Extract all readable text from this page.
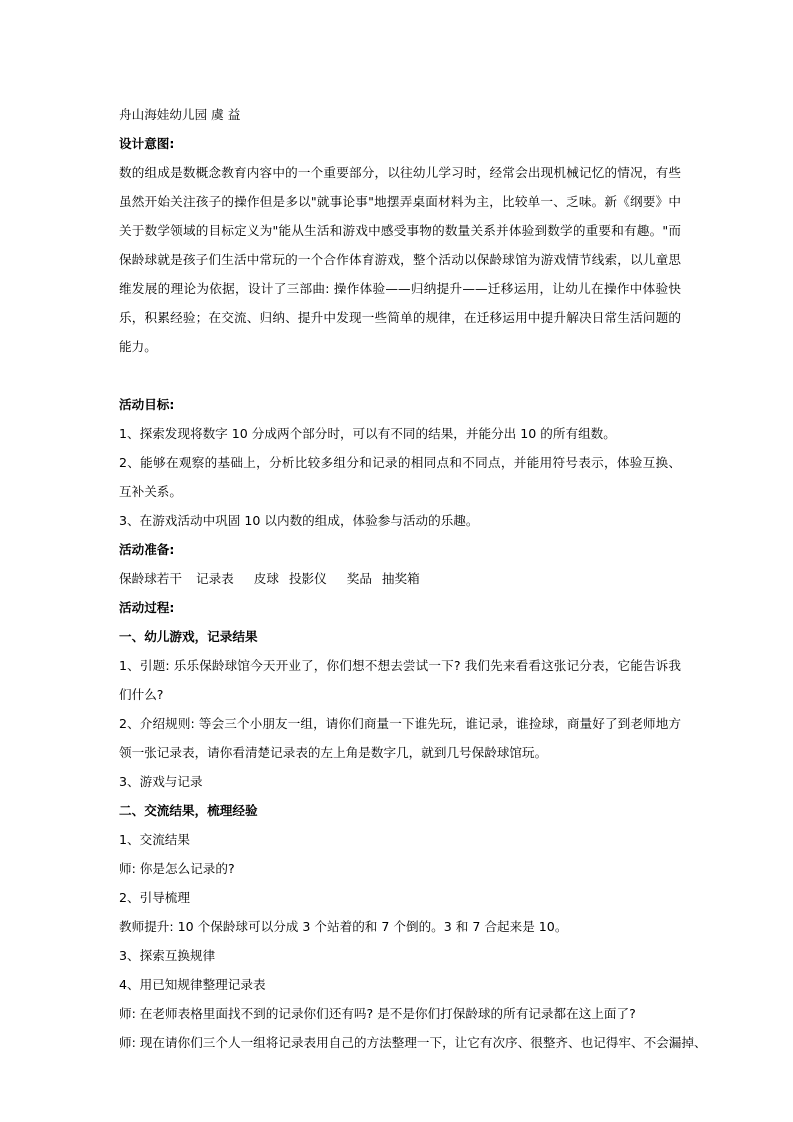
舟山海娃幼儿园 虞 益

设计意图:

数的组成是数概念教育内容中的一个重要部分，以往幼儿学习时，经常会出现机械记忆的情况，有些虽然开始关注孩子的操作但是多以"就事论事"地摆弄桌面材料为主，比较单一、乏味。新《纲要》中关于数学领域的目标定义为"能从生活和游戏中感受事物的数量关系并体验到数学的重要和有趣。"而保龄球就是孩子们生活中常玩的一个合作体育游戏，整个活动以保龄球馆为游戏情节线索，以儿童思维发展的理论为依据，设计了三部曲: 操作体验——归纳提升——迁移运用，让幼儿在操作中体验快乐，积累经验；在交流、归纳、提升中发现一些简单的规律，在迁移运用中提升解决日常生活问题的能力。

活动目标:

1、探索发现将数字 10 分成两个部分时，可以有不同的结果，并能分出 10 的所有组数。

2、能够在观察的基础上，分析比较多组分和记录的相同点和不同点，并能用符号表示，体验互换、互补关系。

3、在游戏活动中巩固 10 以内数的组成，体验参与活动的乐趣。

活动准备:

保龄球若干 记录表 皮球 投影仪 奖品 抽奖箱

活动过程:

一、幼儿游戏，记录结果

1、引题: 乐乐保龄球馆今天开业了，你们想不想去尝试一下? 我们先来看看这张记分表，它能告诉我们什么?

2、介绍规则: 等会三个小朋友一组，请你们商量一下谁先玩，谁记录，谁捡球，商量好了到老师地方领一张记录表，请你看清楚记录表的左上角是数字几，就到几号保龄球馆玩。

3、游戏与记录

二、交流结果，梳理经验

1、交流结果

师: 你是怎么记录的?

2、引导梳理

教师提升: 10 个保龄球可以分成 3 个站着的和 7 个倒的。3 和 7 合起来是 10。

3、探索互换规律

4、用已知规律整理记录表

师: 在老师表格里面找不到的记录你们还有吗? 是不是你们打保龄球的所有记录都在这上面了?

师: 现在请你们三个人一组将记录表用自己的方法整理一下，让它有次序、很整齐、也记得牢、不会漏掉、
